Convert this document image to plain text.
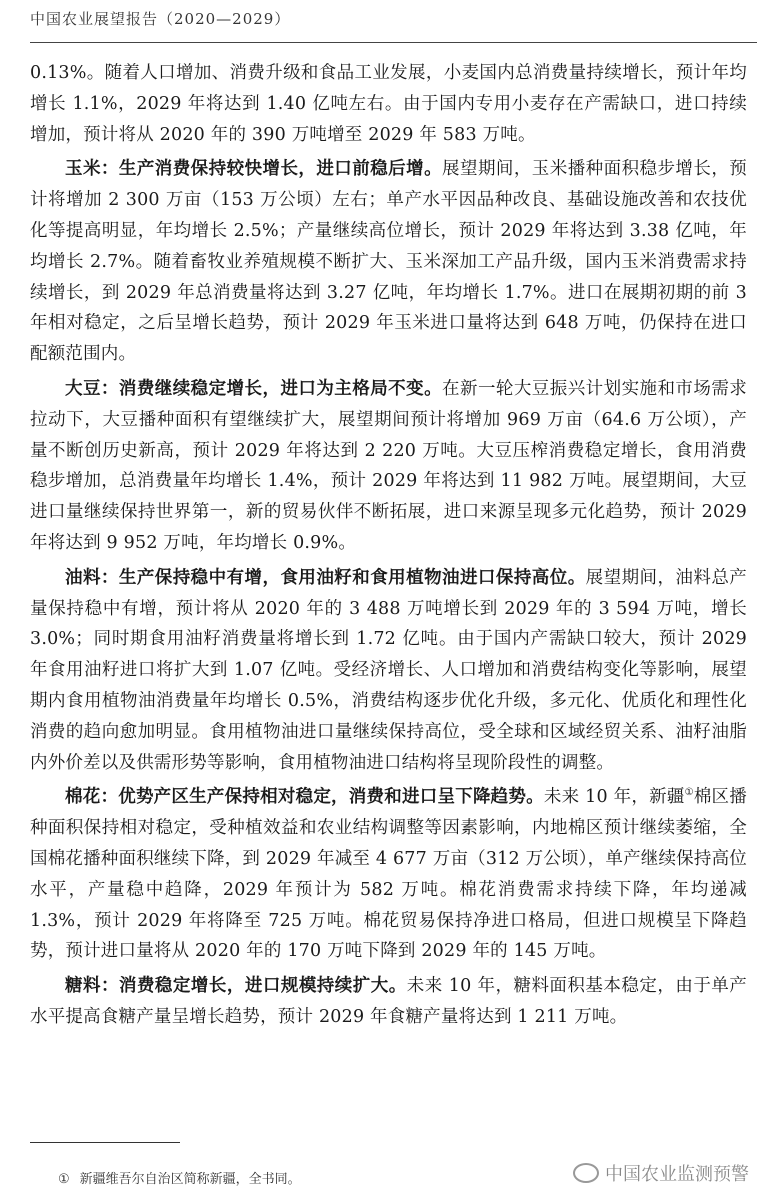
中国农业展望报告（2020—2029）

0.13%。随着人口增加、消费升级和食品工业发展，小麦国内总消费量持续增长，预计年均增长 1.1%，2029 年将达到 1.40 亿吨左右。由于国内专用小麦存在产需缺口，进口持续增加，预计将从 2020 年的 390 万吨增至 2029 年 583 万吨。

玉米：生产消费保持较快增长，进口前稳后增。展望期间，玉米播种面积稳步增长，预计将增加 2 300 万亩（153 万公顷）左右；单产水平因品种改良、基础设施改善和农技优化等提高明显，年均增长 2.5%；产量继续高位增长，预计 2029 年将达到 3.38 亿吨，年均增长 2.7%。随着畜牧业养殖规模不断扩大、玉米深加工产品升级，国内玉米消费需求持续增长，到 2029 年总消费量将达到 3.27 亿吨，年均增长 1.7%。进口在展期初期的前 3 年相对稳定，之后呈增长趋势，预计 2029 年玉米进口量将达到 648 万吨，仍保持在进口配额范围内。

大豆：消费继续稳定增长，进口为主格局不变。在新一轮大豆振兴计划实施和市场需求拉动下，大豆播种面积有望继续扩大，展望期间预计将增加 969 万亩（64.6 万公顷），产量不断创历史新高，预计 2029 年将达到 2 220 万吨。大豆压榨消费稳定增长，食用消费稳步增加，总消费量年均增长 1.4%，预计 2029 年将达到 11 982 万吨。展望期间，大豆进口量继续保持世界第一，新的贸易伙伴不断拓展，进口来源呈现多元化趋势，预计 2029 年将达到 9 952 万吨，年均增长 0.9%。

油料：生产保持稳中有增，食用油籽和食用植物油进口保持高位。展望期间，油料总产量保持稳中有增，预计将从 2020 年的 3 488 万吨增长到 2029 年的 3 594 万吨，增长 3.0%；同时期食用油籽消费量将增长到 1.72 亿吨。由于国内产需缺口较大，预计 2029 年食用油籽进口将扩大到 1.07 亿吨。受经济增长、人口增加和消费结构变化等影响，展望期内食用植物油消费量年均增长 0.5%，消费结构逐步优化升级，多元化、优质化和理性化消费的趋向愈加明显。食用植物油进口量继续保持高位，受全球和区域经贸关系、油籽油脂内外价差以及供需形势等影响，食用植物油进口结构将呈现阶段性的调整。

棉花：优势产区生产保持相对稳定，消费和进口呈下降趋势。未来 10 年，新疆①棉区播种面积保持相对稳定，受种植效益和农业结构调整等因素影响，内地棉区预计继续萎缩，全国棉花播种面积继续下降，到 2029 年减至 4 677 万亩（312 万公顷），单产继续保持高位水平，产量稳中趋降，2029 年预计为 582 万吨。棉花消费需求持续下降，年均递减 1.3%，预计 2029 年将降至 725 万吨。棉花贸易保持净进口格局，但进口规模呈下降趋势，预计进口量将从 2020 年的 170 万吨下降到 2029 年的 145 万吨。

糖料：消费稳定增长，进口规模持续扩大。未来 10 年，糖料面积基本稳定，由于单产水平提高食糖产量呈增长趋势，预计 2029 年食糖产量将达到 1 211 万吨。

① 新疆维吾尔自治区简称新疆，全书同。	中国农业监测预警
